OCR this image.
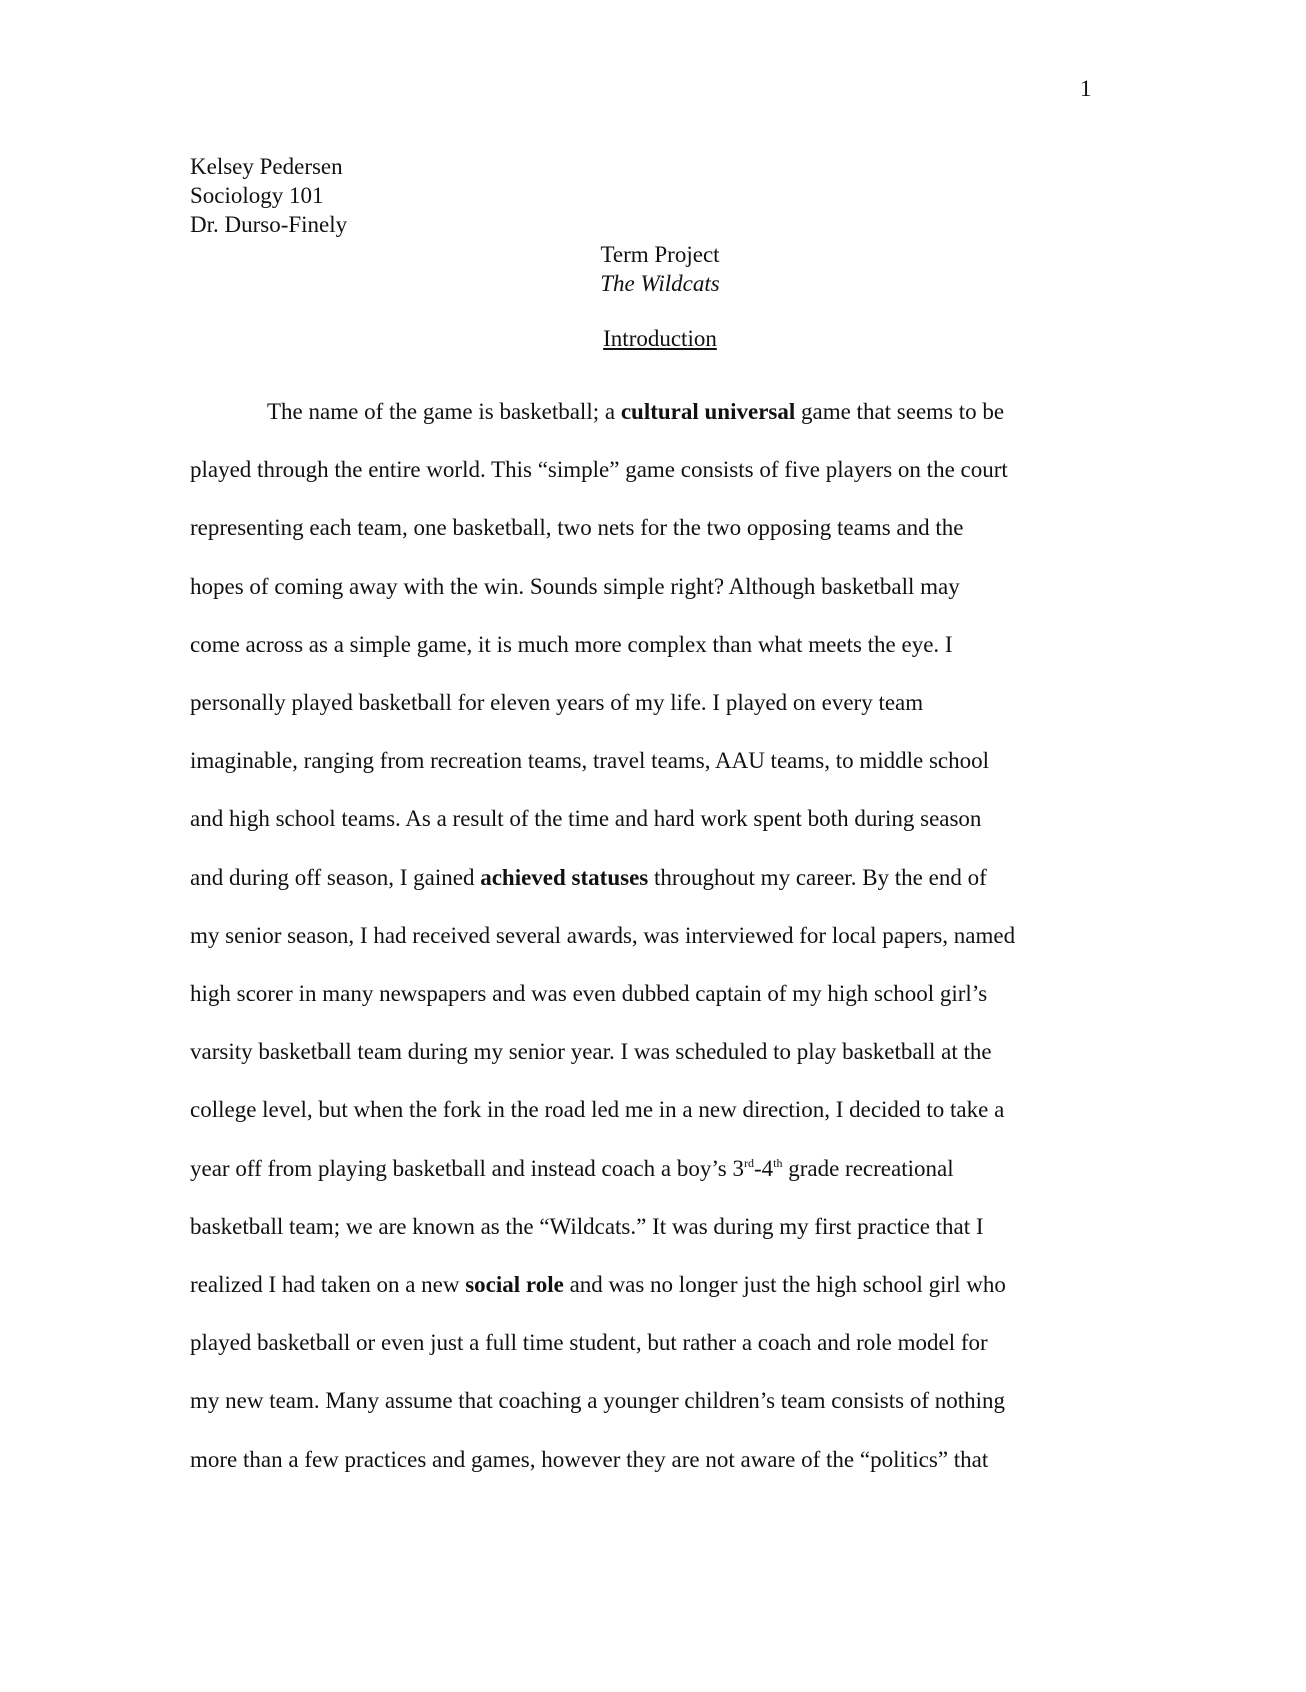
1
Kelsey Pedersen
Sociology 101
Dr. Durso-Finely
Term Project
The Wildcats
Introduction
The name of the game is basketball; a cultural universal game that seems to be
played through the entire world. This “simple” game consists of five players on the court
representing each team, one basketball, two nets for the two opposing teams and the
hopes of coming away with the win. Sounds simple right? Although basketball may
come across as a simple game, it is much more complex than what meets the eye. I
personally played basketball for eleven years of my life. I played on every team
imaginable, ranging from recreation teams, travel teams, AAU teams, to middle school
and high school teams. As a result of the time and hard work spent both during season
and during off season, I gained achieved statuses throughout my career. By the end of
my senior season, I had received several awards, was interviewed for local papers, named
high scorer in many newspapers and was even dubbed captain of my high school girl’s
varsity basketball team during my senior year. I was scheduled to play basketball at the
college level, but when the fork in the road led me in a new direction, I decided to take a
year off from playing basketball and instead coach a boy’s 3rd-4th grade recreational
basketball team; we are known as the “Wildcats.” It was during my first practice that I
realized I had taken on a new social role and was no longer just the high school girl who
played basketball or even just a full time student, but rather a coach and role model for
my new team. Many assume that coaching a younger children’s team consists of nothing
more than a few practices and games, however they are not aware of the “politics” that
